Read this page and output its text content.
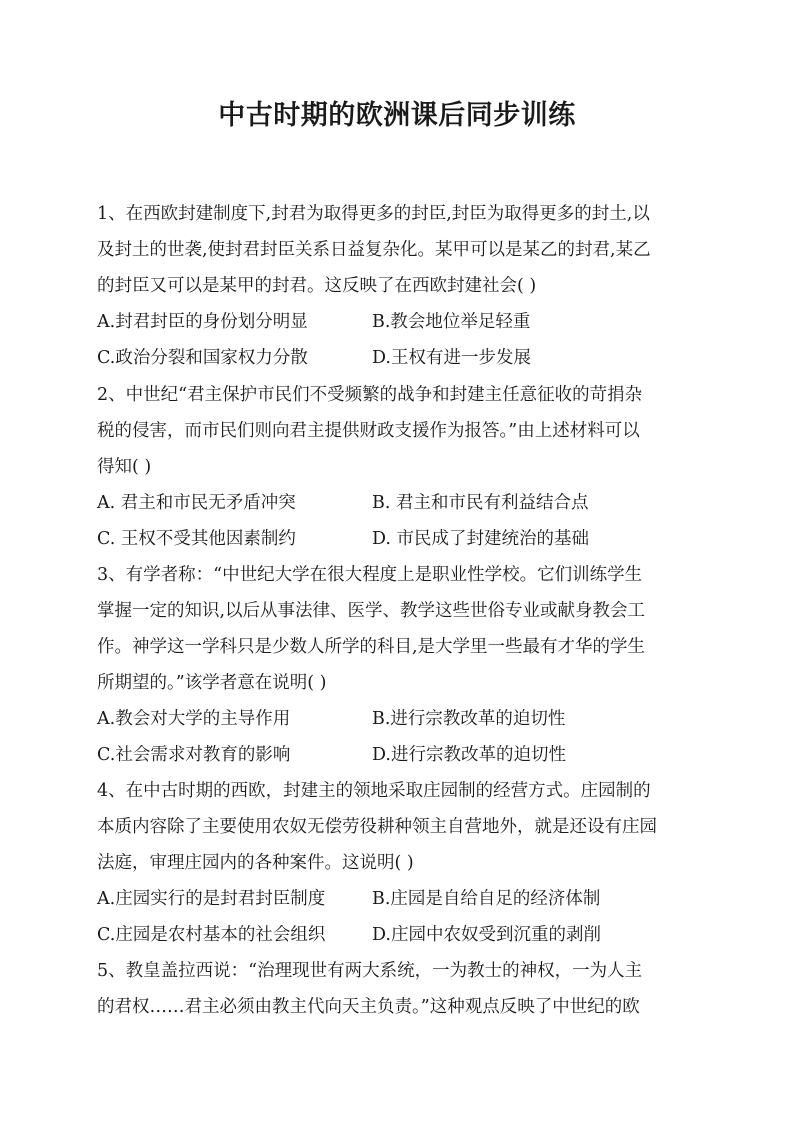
中古时期的欧洲课后同步训练
1、在西欧封建制度下,封君为取得更多的封臣,封臣为取得更多的封土,以
及封土的世袭,使封君封臣关系日益复杂化。某甲可以是某乙的封君,某乙
的封臣又可以是某甲的封君。这反映了在西欧封建社会( )
A.封君封臣的身份划分明显	B.教会地位举足轻重
C.政治分裂和国家权力分散	D.王权有进一步发展
2、中世纪“君主保护市民们不受频繁的战争和封建主任意征收的苛捐杂
税的侵害，而市民们则向君主提供财政支援作为报答。”由上述材料可以
得知( )
A. 君主和市民无矛盾冲突	B. 君主和市民有利益结合点
C. 王权不受其他因素制约	D. 市民成了封建统治的基础
3、有学者称：“中世纪大学在很大程度上是职业性学校。它们训练学生
掌握一定的知识,以后从事法律、医学、教学这些世俗专业或献身教会工
作。神学这一学科只是少数人所学的科目,是大学里一些最有才华的学生
所期望的。”该学者意在说明( )
A.教会对大学的主导作用	B.进行宗教改革的迫切性
C.社会需求对教育的影响	D.进行宗教改革的迫切性
4、在中古时期的西欧，封建主的领地采取庄园制的经营方式。庄园制的
本质内容除了主要使用农奴无偿劳役耕种领主自营地外，就是还设有庄园
法庭，审理庄园内的各种案件。这说明( )
A.庄园实行的是封君封臣制度	B.庄园是自给自足的经济体制
C.庄园是农村基本的社会组织	D.庄园中农奴受到沉重的剥削
5、教皇盖拉西说：“治理现世有两大系统，一为教士的神权，一为人主
的君权……君主必须由教主代向天主负责。”这种观点反映了中世纪的欧
